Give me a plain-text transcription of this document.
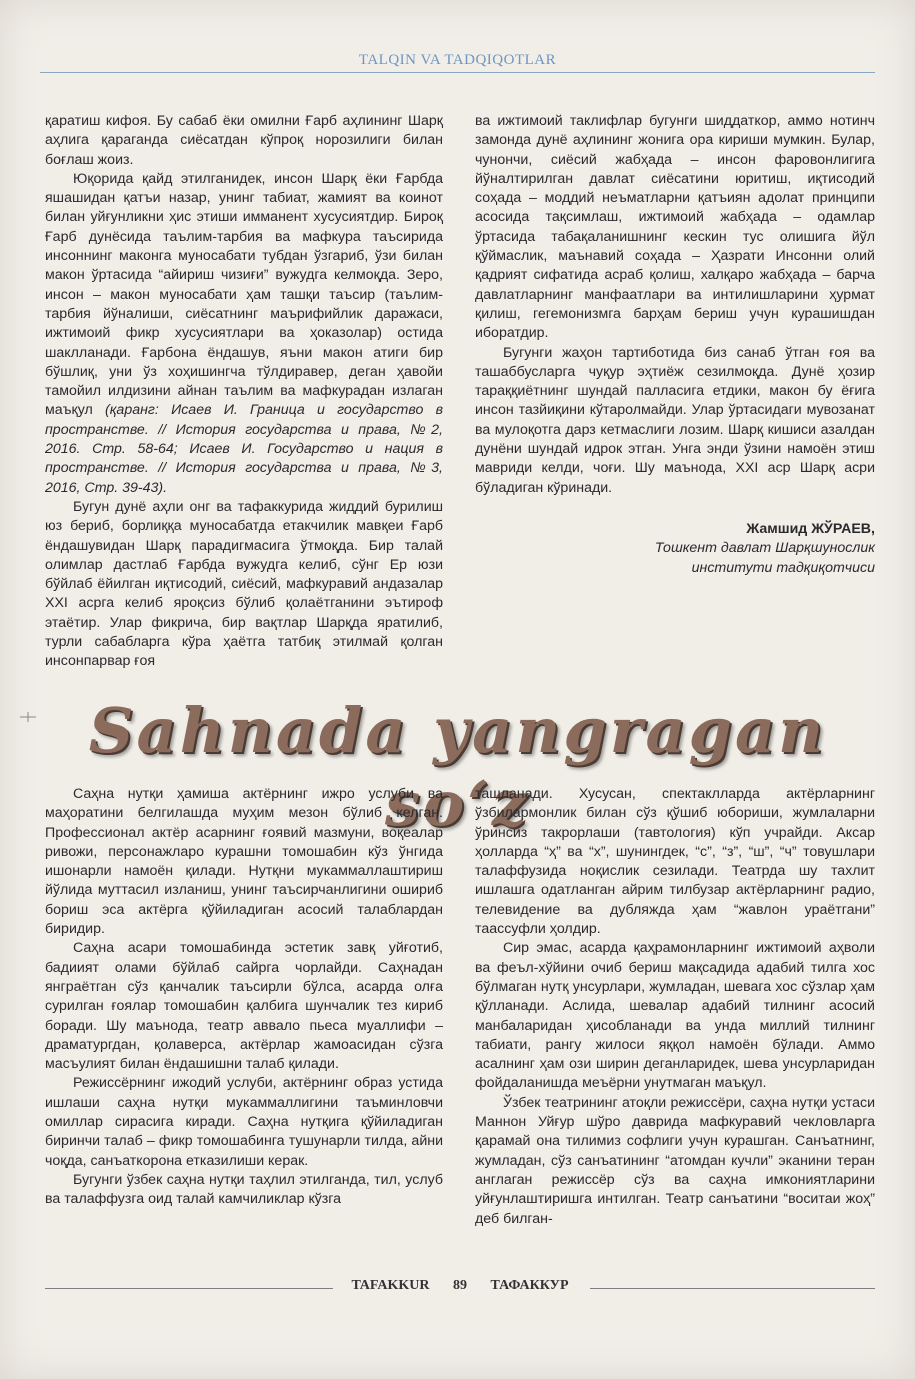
TALQIN VA TADQIQOTLAR

қаратиш кифоя. Бу сабаб ёки омилни Ғарб аҳлининг Шарқ аҳлига қараганда сиёсатдан кўпроқ норозилиги билан боғлаш жоиз.

Юқорида қайд этилганидек, инсон Шарқ ёки Ғарбда яшашидан қатъи назар, унинг табиат, жамият ва коинот билан уйғунликни ҳис этиши имманент хусусиятдир. Бироқ Ғарб дунёсида таълим-тарбия ва мафкура таъсирида инсоннинг маконга муносабати тубдан ўзгариб, ўзи билан макон ўртасида “айириш чизиғи” вужудга келмоқда. Зеро, инсон – макон муносабати ҳам ташқи таъсир (таълим-тарбия йўналиши, сиёсатнинг маърифийлик даражаси, ижтимоий фикр хусусиятлари ва ҳоказолар) остида шаклланади. Ғарбона ёндашув, яъни макон атиги бир бўшлиқ, уни ўз хоҳишингча тўлдиравер, деган ҳавойи тамойил илдизини айнан таълим ва мафкурадан излаган маъқул (қаранг: Исаев И. Граница и государство в пространстве. // История государства и права, №2, 2016. Стр. 58-64; Исаев И. Государство и нация в пространстве. // История государства и права, №3, 2016, Стр. 39-43).

Бугун дунё аҳли онг ва тафаккурида жиддий бурилиш юз бериб, борлиққа муносабатда етакчилик мавқеи Ғарб ёндашувидан Шарқ парадигмасига ўтмоқда. Бир талай олимлар дастлаб Ғарбда вужудга келиб, сўнг Ер юзи бўйлаб ёйилган иқтисодий, сиёсий, мафкуравий андазалар XXI асрга келиб яроқсиз бўлиб қолаётганини эътироф этаётир. Улар фикрича, бир вақтлар Шарқда яратилиб, турли сабабларга кўра ҳаётга татбиқ этилмай қолган инсонпарвар ғоя

ва ижтимоий таклифлар бугунги шиддаткор, аммо нотинч замонда дунё аҳлининг жонига ора кириши мумкин. Булар, чунончи, сиёсий жабҳада – инсон фаровонлигига йўналтирилган давлат сиёсатини юритиш, иқтисодий соҳада – моддий неъматларни қатъиян адолат принципи асосида тақсимлаш, ижтимоий жабҳада – одамлар ўртасида табақаланишнинг кескин тус олишига йўл қўймаслик, маънавий соҳада – Ҳазрати Инсонни олий қадрият сифатида асраб қолиш, халқаро жабҳада – барча давлатларнинг манфаатлари ва интилишларини ҳурмат қилиш, гегемонизмга барҳам бериш учун курашишдан иборатдир.

Бугунги жаҳон тартиботида биз санаб ўтган ғоя ва ташаббусларга чуқур эҳтиёж сезилмоқда. Дунё ҳозир тараққиётнинг шундай палласига етдики, макон бу ёғига инсон тазйиқини кўтаролмайди. Улар ўртасидаги мувозанат ва мулоқотга дарз кетмаслиги лозим. Шарқ кишиси азалдан дунёни шундай идрок этган. Унга энди ўзини намоён этиш мавриди келди, чоғи. Шу маънода, XXI аср Шарқ асри бўладиган кўринади.

Жамшид ЖЎРАЕВ,
Тошкент давлат Шарқшунослик
институти тадқиқотчиси
Sahnada yangragan so‘z

Саҳна нутқи ҳамиша актёрнинг ижро услуби ва маҳоратини белгилашда муҳим мезон бўлиб келган. Профессионал актёр асарнинг ғоявий мазмуни, воқеалар ривожи, персонажларо курашни томошабин кўз ўнгида ишонарли намоён қилади. Нутқни мукаммаллаштириш йўлида муттасил изланиш, унинг таъсирчанлигини ошириб бориш эса актёрга қўйиладиган асосий талаблардан биридир.

Саҳна асари томошабинда эстетик завқ уйғотиб, бадиият олами бўйлаб сайрга чорлайди. Саҳнадан янграётган сўз қанчалик таъсирли бўлса, асарда олға сурилган ғоялар томошабин қалбига шунчалик тез кириб боради. Шу маънода, театр аввало пьеса муаллифи – драматургдан, қолаверса, актёрлар жамоасидан сўзга масъулият билан ёндашишни талаб қилади.

Режиссёрнинг ижодий услуби, актёрнинг образ устида ишлаши саҳна нутқи мукаммаллигини таъминловчи омиллар сирасига киради. Саҳна нутқига қўйиладиган биринчи талаб – фикр томошабинга тушунарли тилда, айни чоқда, санъаткорона етказилиши керак.

Бугунги ўзбек саҳна нутқи таҳлил этилганда, тил, услуб ва талаффузга оид талай камчиликлар кўзга

ташланади. Хусусан, спектаклларда актёрларнинг ўзбилармонлик билан сўз қўшиб юбориши, жумлаларни ўринсиз такрорлаши (тавтология) кўп учрайди. Аксар ҳолларда “ҳ” ва “х”, шунингдек, “с”, “з”, “ш”, “ч” товушлари талаффузида ноқислик сезилади. Театрда шу тахлит ишлашга одатланган айрим тилбузар актёрларнинг радио, телевидение ва дубляжда ҳам “жавлон ураётгани” таассуфли ҳолдир.

Сир эмас, асарда қаҳрамонларнинг ижтимоий аҳволи ва феъл-хўйини очиб бериш мақсадида адабий тилга хос бўлмаган нутқ унсурлари, жумладан, шевага хос сўзлар ҳам қўлланади. Аслида, шевалар адабий тилнинг асосий манбаларидан ҳисобланади ва унда миллий тилнинг табиати, рангу жилоси яққол намоён бўлади. Аммо асалнинг ҳам ози ширин деганларидек, шева унсурларидан фойдаланишда меъёрни унутмаган маъқул.

Ўзбек театрининг атоқли режиссёри, саҳна нутқи устаси Маннон Уйғур шўро даврида мафкуравий чекловларга қарамай она тилимиз софлиги учун курашган. Санъатнинг, жумладан, сўз санъатининг “атомдан кучли” эканини теран англаган режиссёр сўз ва саҳна имкониятларини уйғунлаштиришга интилган. Театр санъатини “воситаи жоҳ” деб билган-

TAFAKKUR 89 ТАФАККУР
